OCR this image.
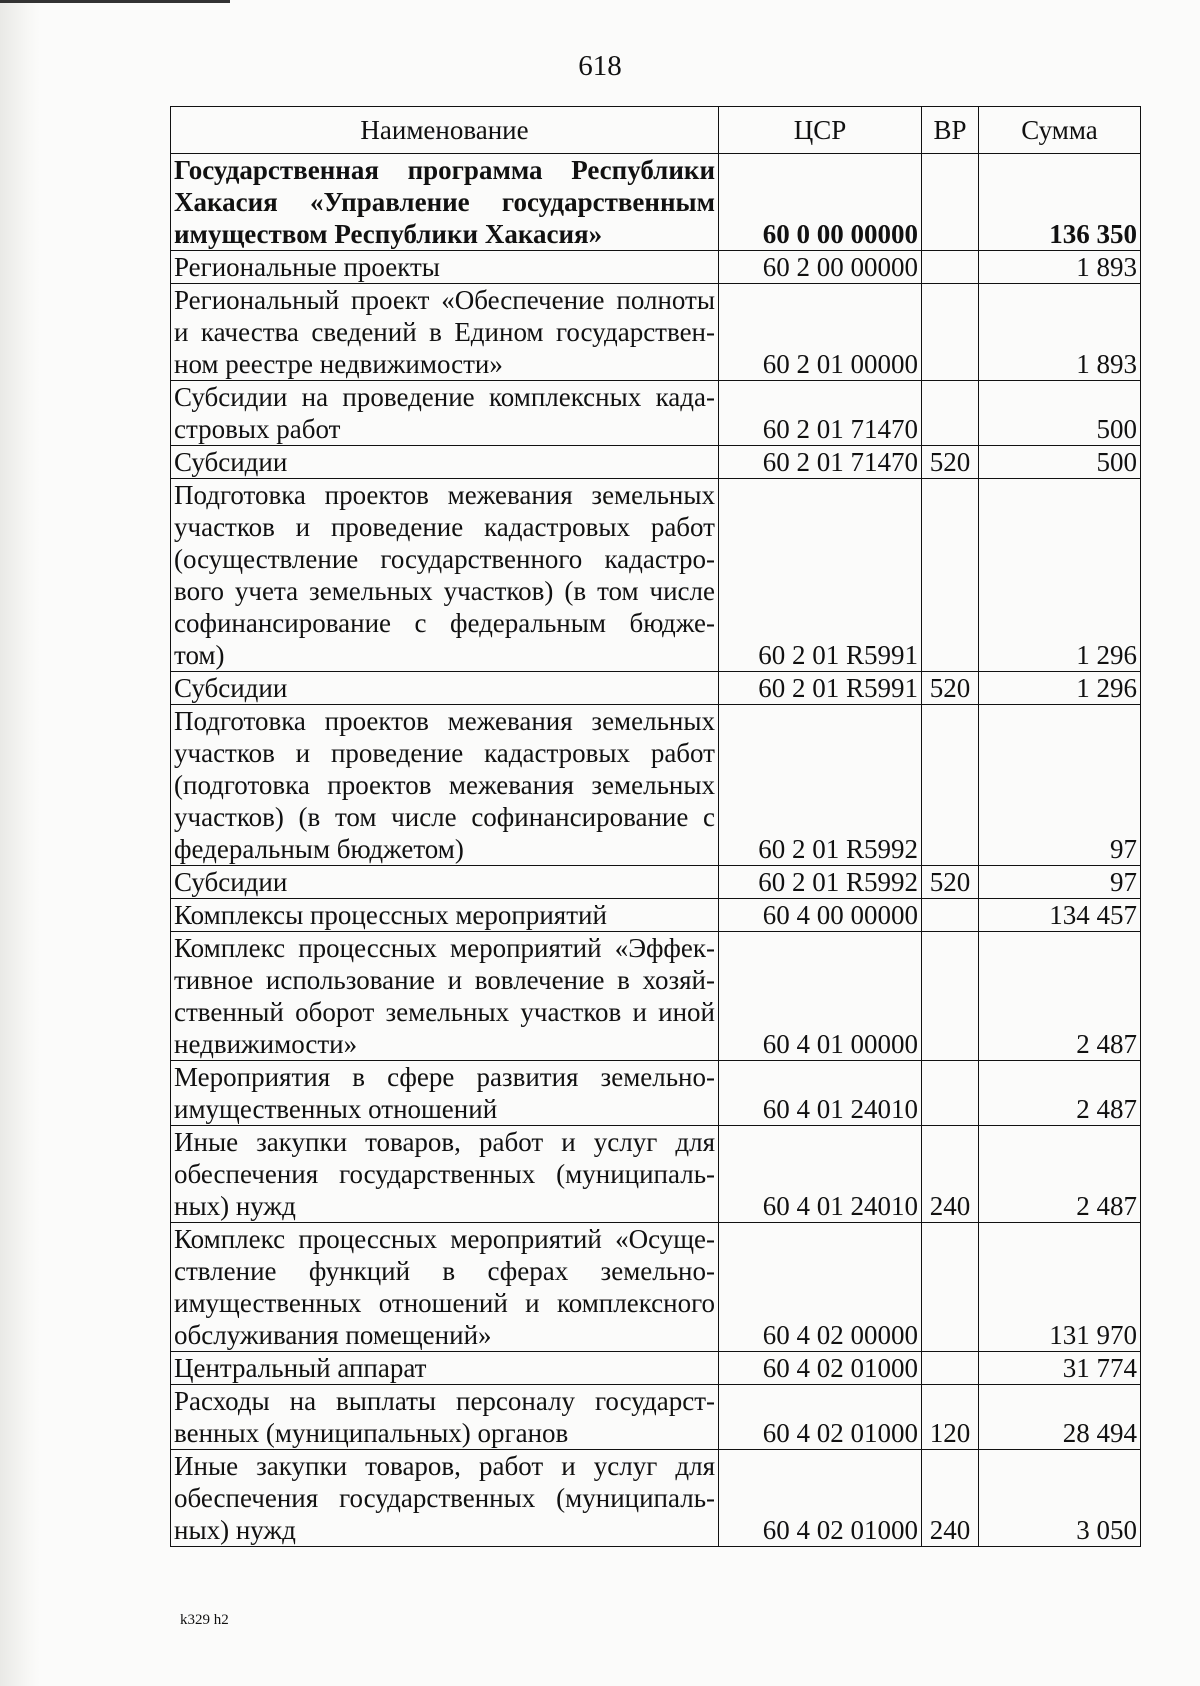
618
Наименование	ЦСР	ВР	Сумма
Государственная программа Республики Хакасия «Управление государственным имуществом Республики Хакасия»	60 0 00 00000		136 350
Региональные проекты	60 2 00 00000		1 893
Региональный проект «Обеспечение полноты и качества сведений в Едином государствен-ном реестре недвижимости»	60 2 01 00000		1 893
Субсидии на проведение комплексных када-стровых работ	60 2 01 71470		500
Субсидии	60 2 01 71470	520	500
Подготовка проектов межевания земельных участков и проведение кадастровых работ (осуществление государственного кадастро-вого учета земельных участков) (в том числе софинансирование с федеральным бюдже-том)	60 2 01 R5991		1 296
Субсидии	60 2 01 R5991	520	1 296
Подготовка проектов межевания земельных участков и проведение кадастровых работ (подготовка проектов межевания земельных участков) (в том числе софинансирование с федеральным бюджетом)	60 2 01 R5992		97
Субсидии	60 2 01 R5992	520	97
Комплексы процессных мероприятий	60 4 00 00000		134 457
Комплекс процессных мероприятий «Эффек-тивное использование и вовлечение в хозяй-ственный оборот земельных участков и иной недвижимости»	60 4 01 00000		2 487
Мероприятия в сфере развития земельно-имущественных отношений	60 4 01 24010		2 487
Иные закупки товаров, работ и услуг для обеспечения государственных (муниципаль-ных) нужд	60 4 01 24010	240	2 487
Комплекс процессных мероприятий «Осуще-ствление функций в сферах земельно-имущественных отношений и комплексного обслуживания помещений»	60 4 02 00000		131 970
Центральный аппарат	60 4 02 01000		31 774
Расходы на выплаты персоналу государст-венных (муниципальных) органов	60 4 02 01000	120	28 494
Иные закупки товаров, работ и услуг для обеспечения государственных (муниципаль-ных) нужд	60 4 02 01000	240	3 050
k329 h2
